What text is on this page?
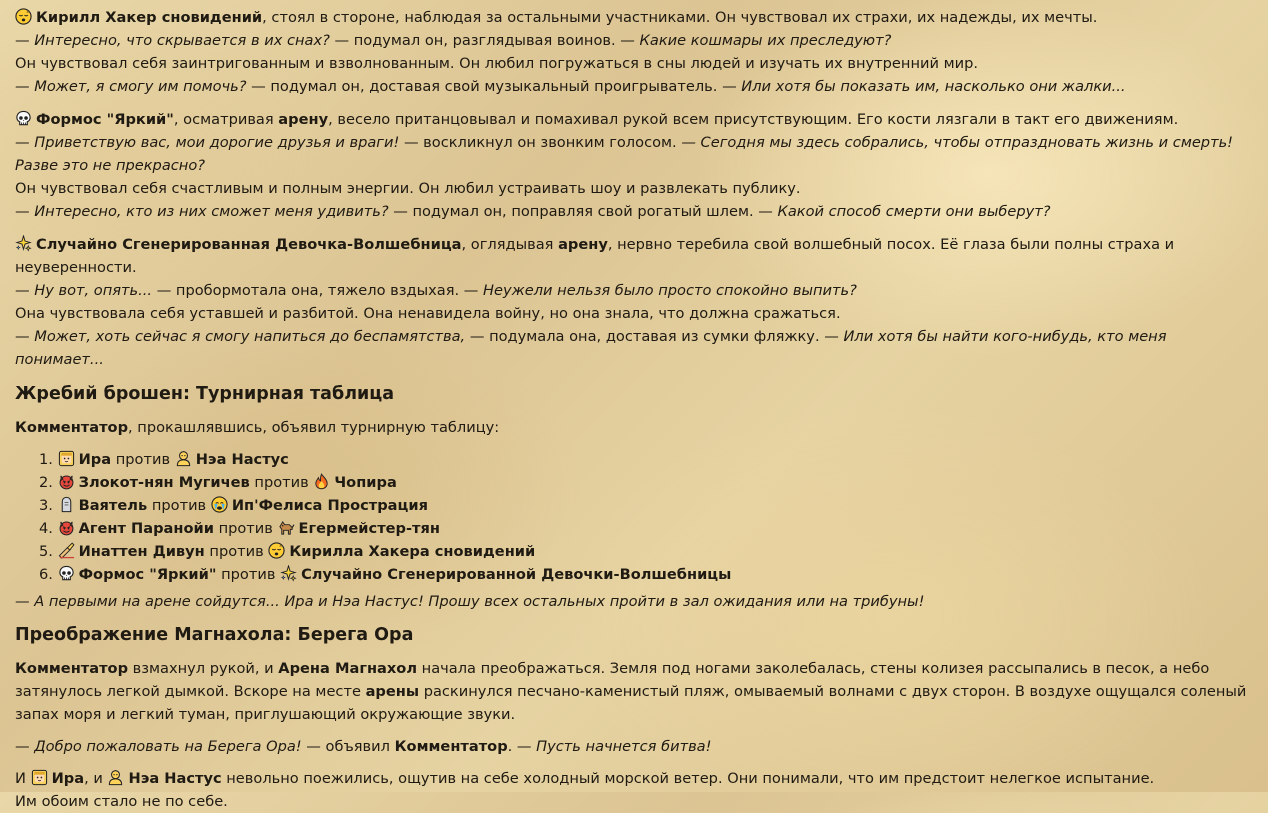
Кирилл Хакер сновидений, стоял в стороне, наблюдая за остальными участниками. Он чувствовал их страхи, их надежды, их мечты.

— Интересно, что скрывается в их снах? — подумал он, разглядывая воинов. — Какие кошмары их преследуют?

Он чувствовал себя заинтригованным и взволнованным. Он любил погружаться в сны людей и изучать их внутренний мир.

— Может, я смогу им помочь? — подумал он, доставая свой музыкальный проигрыватель. — Или хотя бы показать им, насколько они жалки...

Формос "Яркий", осматривая арену, весело пританцовывал и помахивал рукой всем присутствующим. Его кости лязгали в такт его движениям.

— Приветствую вас, мои дорогие друзья и враги! — воскликнул он звонким голосом. — Сегодня мы здесь собрались, чтобы отпраздновать жизнь и смерть! Разве это не прекрасно?

Он чувствовал себя счастливым и полным энергии. Он любил устраивать шоу и развлекать публику.

— Интересно, кто из них сможет меня удивить? — подумал он, поправляя свой рогатый шлем. — Какой способ смерти они выберут?

Случайно Сгенерированная Девочка-Волшебница, оглядывая арену, нервно теребила свой волшебный посох. Её глаза были полны страха и неуверенности.

— Ну вот, опять... — пробормотала она, тяжело вздыхая. — Неужели нельзя было просто спокойно выпить?

Она чувствовала себя уставшей и разбитой. Она ненавидела войну, но она знала, что должна сражаться.

— Может, хоть сейчас я смогу напиться до беспамятства, — подумала она, доставая из сумки фляжку. — Или хотя бы найти кого-нибудь, кто меня понимает...

Жребий брошен: Турнирная таблица

Комментатор, прокашлявшись, объявил турнирную таблицу:

1. Ира против Нэа Настус
2. Злокот-нян Мугичев против Чопира
3. Ваятель против Ип'Фелиса Прострация
4. Агент Паранойи против Егермейстер-тян
5. Инаттен Дивун против Кирилла Хакера сновидений
6. Формос "Яркий" против Случайно Сгенерированной Девочки-Волшебницы

— А первыми на арене сойдутся... Ира и Нэа Настус! Прошу всех остальных пройти в зал ожидания или на трибуны!

Преображение Магнахола: Берега Ора

Комментатор взмахнул рукой, и Арена Магнахол начала преображаться. Земля под ногами заколебалась, стены колизея рассыпались в песок, а небо затянулось легкой дымкой. Вскоре на месте арены раскинулся песчано-каменистый пляж, омываемый волнами с двух сторон. В воздухе ощущался соленый запах моря и легкий туман, приглушающий окружающие звуки.

— Добро пожаловать на Берега Ора! — объявил Комментатор. — Пусть начнется битва!

И Ира, и Нэа Настус невольно поежились, ощутив на себе холодный морской ветер. Они понимали, что им предстоит нелегкое испытание.

Им обоим стало не по себе.
